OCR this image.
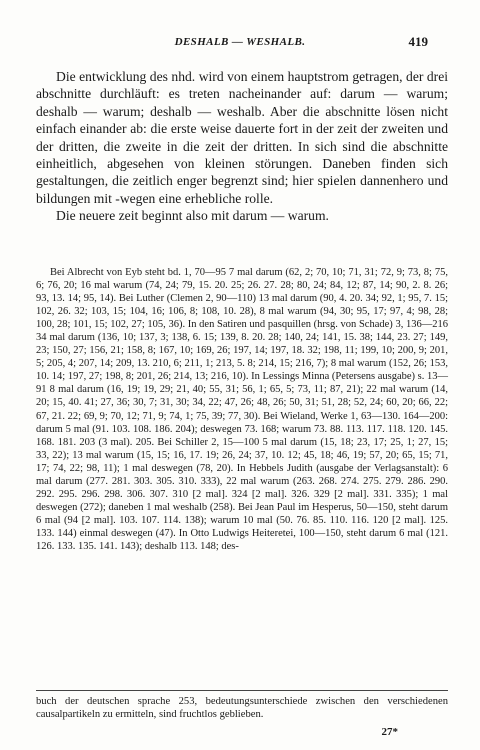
DESHALB — WESHALB.	419

Die entwicklung des nhd. wird von einem hauptstrom getragen, der drei abschnitte durchläuft: es treten nacheinander auf: darum — warum; deshalb — warum; deshalb — weshalb. Aber die abschnitte lösen nicht einfach einander ab: die erste weise dauerte fort in der zeit der zweiten und der dritten, die zweite in die zeit der dritten. In sich sind die abschnitte einheitlich, abgesehen von kleinen störungen. Daneben finden sich gestaltungen, die zeitlich enger begrenzt sind; hier spielen dannenhero und bildungen mit -wegen eine erhebliche rolle.

Die neuere zeit beginnt also mit darum — warum.

Bei Albrecht von Eyb steht bd. 1, 70—95 7 mal darum (62, 2; 70, 10; 71, 31; 72, 9; 73, 8; 75, 6; 76, 20; 16 mal warum (74, 24; 79, 15. 20. 25; 26. 27. 28; 80, 24; 84, 12; 87, 14; 90, 2. 8. 26; 93, 13. 14; 95, 14). Bei Luther (Clemen 2, 90—110) 13 mal darum (90, 4. 20. 34; 92, 1; 95, 7. 15; 102, 26. 32; 103, 15; 104, 16; 106, 8; 108, 10. 28), 8 mal warum (94, 30; 95, 17; 97, 4; 98, 28; 100, 28; 101, 15; 102, 27; 105, 36). In den Satiren und pasquillen (hrsg. von Schade) 3, 136—216 34 mal darum (136, 10; 137, 3; 138, 6. 15; 139, 8. 20. 28; 140, 24; 141, 15. 38; 144, 23. 27; 149, 23; 150, 27; 156, 21; 158, 8; 167, 10; 169, 26; 197, 14; 197, 18. 32; 198, 11; 199, 10; 200, 9; 201, 5; 205, 4; 207, 14; 209, 13. 210, 6; 211, 1; 213, 5. 8; 214, 15; 216, 7); 8 mal warum (152, 26; 153, 10. 14; 197, 27; 198, 8; 201, 26; 214, 13; 216, 10). In Lessings Minna (Petersens ausgabe) s. 13—91 8 mal darum (16, 19; 19, 29; 21, 40; 55, 31; 56, 1; 65, 5; 73, 11; 87, 21); 22 mal warum (14, 20; 15, 40. 41; 27, 36; 30, 7; 31, 30; 34, 22; 47, 26; 48, 26; 50, 31; 51, 28; 52, 24; 60, 20; 66, 22; 67, 21. 22; 69, 9; 70, 12; 71, 9; 74, 1; 75, 39; 77, 30). Bei Wieland, Werke 1, 63—130. 164—200: darum 5 mal (91. 103. 108. 186. 204); deswegen 73. 168; warum 73. 88. 113. 117. 118. 120. 145. 168. 181. 203 (3 mal). 205. Bei Schiller 2, 15—100 5 mal darum (15, 18; 23, 17; 25, 1; 27, 15; 33, 22); 13 mal warum (15, 15; 16, 17. 19; 26, 24; 37, 10. 12; 45, 18; 46, 19; 57, 20; 65, 15; 71, 17; 74, 22; 98, 11); 1 mal deswegen (78, 20). In Hebbels Judith (ausgabe der Verlagsanstalt): 6 mal darum (277. 281. 303. 305. 310. 333), 22 mal warum (263. 268. 274. 275. 279. 286. 290. 292. 295. 296. 298. 306. 307. 310 [2 mal]. 324 [2 mal]. 326. 329 [2 mal]. 331. 335); 1 mal deswegen (272); daneben 1 mal weshalb (258). Bei Jean Paul im Hesperus, 50—150, steht darum 6 mal (94 [2 mal]. 103. 107. 114. 138); warum 10 mal (50. 76. 85. 110. 116. 120 [2 mal]. 125. 133. 144) einmal deswegen (47). In Otto Ludwigs Heiteretei, 100—150, steht darum 6 mal (121. 126. 133. 135. 141. 143); deshalb 113. 148; des-

buch der deutschen sprache 253, bedeutungsunterschiede zwischen den verschiedenen causalpartikeln zu ermitteln, sind fruchtlos geblieben.
27*
